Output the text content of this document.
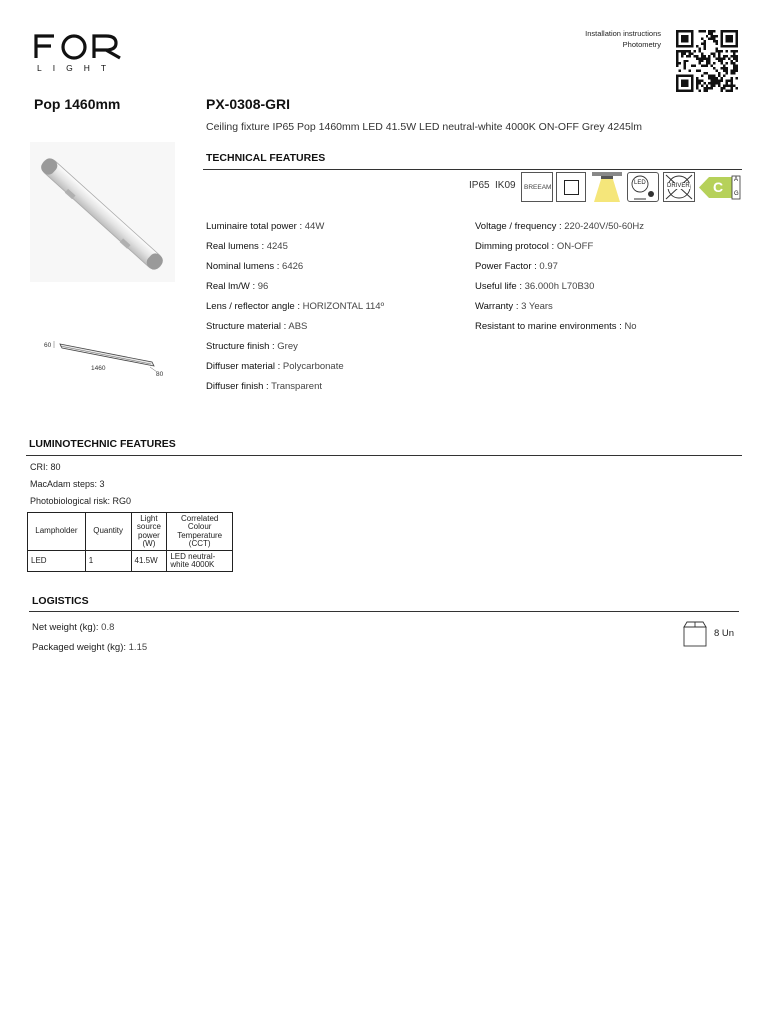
LIGHT
Installation instructions
Photometry
Pop 1460mm	PX-0308-GRI
Ceiling fixture IP65 Pop 1460mm LED 41.5W LED neutral-white 4000K ON-OFF Grey 4245lm
60
1460
80
TECHNICAL FEATURES
IP65 IK09 BREEAM
LED	DRIVER C A
G
Luminaire total power : 44W
Real lumens : 4245
Nominal lumens : 6426
Real lm/W : 96
Lens / reflector angle : HORIZONTAL 114º
Structure material : ABS
Structure finish : Grey
Diffuser material : Polycarbonate
Diffuser finish : Transparent
Voltage / frequency : 220-240V/50-60Hz
Dimming protocol : ON-OFF
Power Factor : 0.97
Useful life : 36.000h L70B30
Warranty : 3 Years
Resistant to marine environments : No
LUMINOTECHNIC FEATURES
CRI: 80
MacAdam steps: 3
Photobiological risk: RG0
Lampholder	Quantity	Light source power (W)	Correlated Colour Temperature (CCT)
LED	1	41.5W	LED neutral-white 4000K
LOGISTICS
Net weight (kg): 0.8
Packaged weight (kg): 1.15
8 Un
